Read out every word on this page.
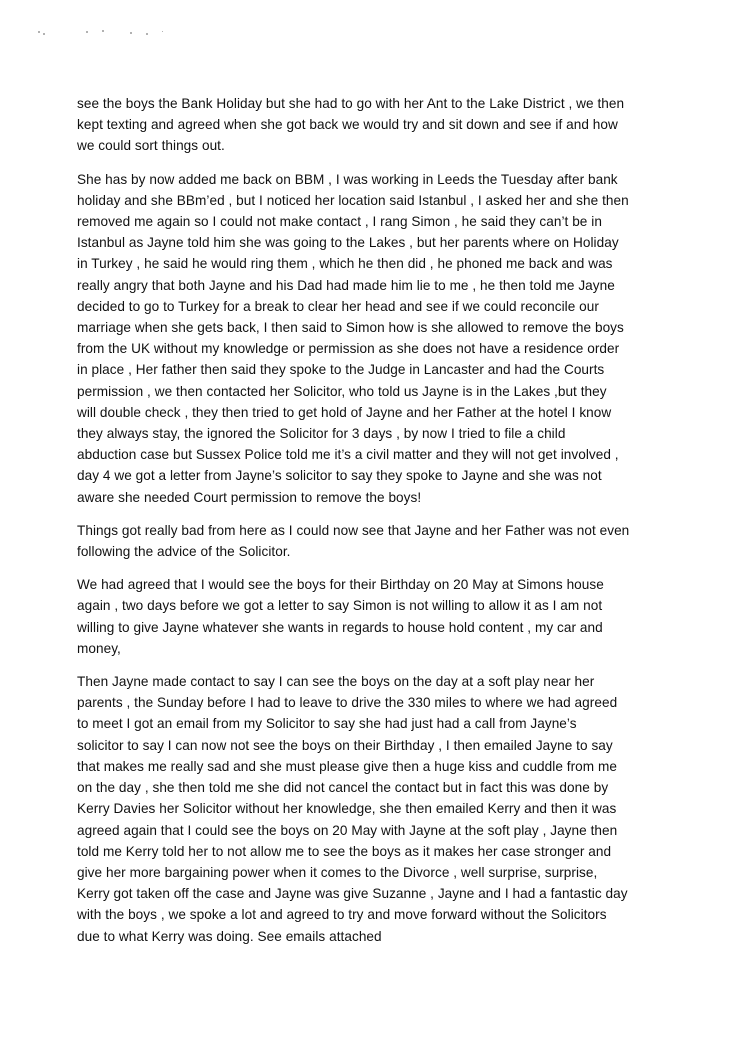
see the boys the Bank Holiday but she had to go with her Ant to the Lake District , we then
kept texting and agreed when she got back we would try and sit down and see if and how
we could sort things out.

She has by now added me back on BBM , I was working in Leeds the Tuesday after bank
holiday and she BBm’ed , but I noticed her location said Istanbul , I asked her and she then
removed me again so I could not make contact , I rang Simon , he said they can’t be in
Istanbul as Jayne told him she was going to the Lakes , but her parents where on Holiday
in Turkey , he said he would ring them , which he then did , he phoned me back and was
really angry that both Jayne and his Dad had made him lie to me , he then told me Jayne
decided to go to Turkey for a break to clear her head and see if we could reconcile our
marriage when she gets back, I then said to Simon how is she allowed to remove the boys
from the UK without my knowledge or permission as she does not have a residence order
in place , Her father then said they spoke to the Judge in Lancaster and had the Courts
permission , we then contacted her Solicitor, who told us Jayne is in the Lakes ,but they
will double check , they then tried to get hold of Jayne and her Father at the hotel I know
they always stay, the ignored the Solicitor for 3 days , by now I tried to file a child
abduction case but Sussex Police told me it’s a civil matter and they will not get involved ,
day 4 we got a letter from Jayne’s solicitor to say they spoke to Jayne and she was not
aware she needed Court permission to remove the boys!

Things got really bad from here as I could now see that Jayne and her Father was not even
following the advice of the Solicitor.

We had agreed that I would see the boys for their Birthday on 20 May at Simons house
again , two days before we got a letter to say Simon is not willing to allow it as I am not
willing to give Jayne whatever she wants in regards to house hold content , my car and
money,

Then Jayne made contact to say I can see the boys on the day at a soft play near her
parents , the Sunday before I had to leave to drive the 330 miles to where we had agreed
to meet I got an email from my Solicitor to say she had just had a call from Jayne’s
solicitor to say I can now not see the boys on their Birthday , I then emailed Jayne to say
that makes me really sad and she must please give then a huge kiss and cuddle from me
on the day , she then told me she did not cancel the contact but in fact this was done by
Kerry Davies her Solicitor without her knowledge, she then emailed Kerry and then it was
agreed again that I could see the boys on 20 May with Jayne at the soft play , Jayne then
told me Kerry told her to not allow me to see the boys as it makes her case stronger and
give her more bargaining power when it comes to the Divorce , well surprise, surprise,
Kerry got taken off the case and Jayne was give Suzanne , Jayne and I had a fantastic day
with the boys , we spoke a lot and agreed to try and move forward without the Solicitors
due to what Kerry was doing. See emails attached
